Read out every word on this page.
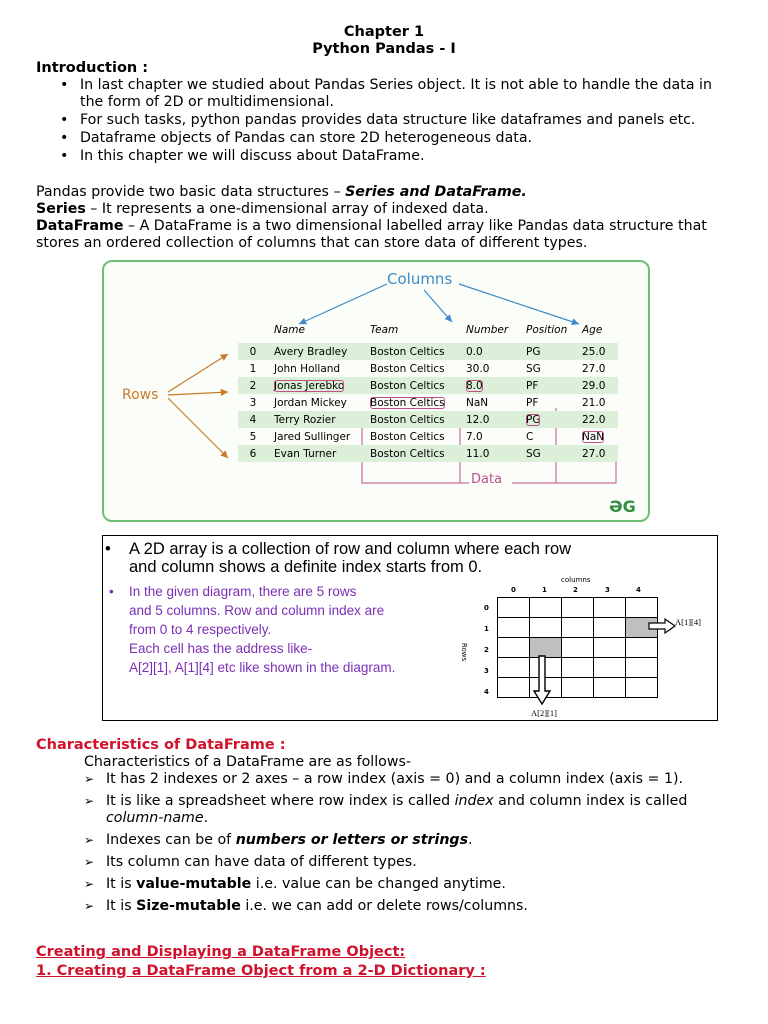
Chapter 1
Python Pandas - I
Introduction :
• In last chapter we studied about Pandas Series object. It is not able to handle the data in the form of 2D or multidimensional.
• For such tasks, python pandas provides data structure like dataframes and panels etc.
• Dataframe objects of Pandas can store 2D heterogeneous data.
• In this chapter we will discuss about DataFrame.
Pandas provide two basic data structures – Series and DataFrame.
Series – It represents a one-dimensional array of indexed data.
DataFrame – A DataFrame is a two dimensional labelled array like Pandas data structure that stores an ordered collection of columns that can store data of different types.
Columns
Rows
	Name	Team	Number	Position	Age
0	Avery Bradley	Boston Celtics	0.0	PG	25.0
1	John Holland	Boston Celtics	30.0	SG	27.0
2	Jonas Jerebko	Boston Celtics	8.0	PF	29.0
3	Jordan Mickey	Boston Celtics	NaN	PF	21.0
4	Terry Rozier	Boston Celtics	12.0	PG	22.0
5	Jared Sullinger	Boston Celtics	7.0	C	NaN
6	Evan Turner	Boston Celtics	11.0	SG	27.0
Data
ƏG
• A 2D array is a collection of row and column where each row
and column shows a definite index starts from 0.
• In the given diagram, there are 5 rows
and 5 columns. Row and column index are
from 0 to 4 respectively.
Each cell has the address like-
A[2][1], A[1][4] etc like shown in the diagram.
columns
0	1	2	3	4
Rows
0
1
2
3
4

A[1][4]
A[2][1]
Characteristics of DataFrame :
Characteristics of a DataFrame are as follows-
➢ It has 2 indexes or 2 axes – a row index (axis = 0) and a column index (axis = 1).
➢ It is like a spreadsheet where row index is called index and column index is called column-name.
➢ Indexes can be of numbers or letters or strings.
➢ Its column can have data of different types.
➢ It is value-mutable i.e. value can be changed anytime.
➢ It is Size-mutable i.e. we can add or delete rows/columns.
Creating and Displaying a DataFrame Object:
1. Creating a DataFrame Object from a 2-D Dictionary :
